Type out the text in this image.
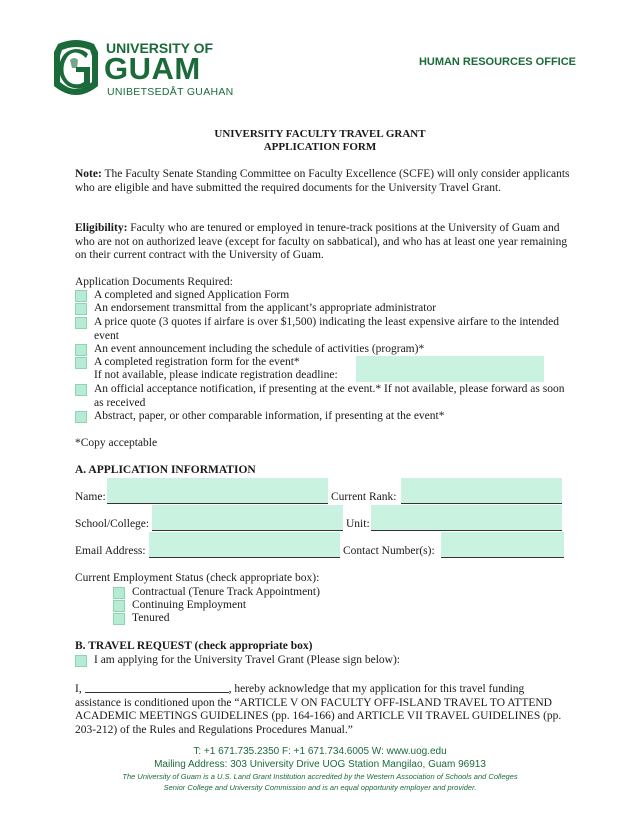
UNIVERSITY OF
GUAM
UNIBETSEDÅT GUAHAN
HUMAN RESOURCES OFFICE
UNIVERSITY FACULTY TRAVEL GRANT
APPLICATION FORM
Note: The Faculty Senate Standing Committee on Faculty Excellence (SCFE) will only consider applicants who are eligible and have submitted the required documents for the University Travel Grant.
Eligibility: Faculty who are tenured or employed in tenure-track positions at the University of Guam and who are not on authorized leave (except for faculty on sabbatical), and who has at least one year remaining on their current contract with the University of Guam.
Application Documents Required:
A completed and signed Application Form
An endorsement transmittal from the applicant’s appropriate administrator
A price quote (3 quotes if airfare is over $1,500) indicating the least expensive airfare to the intended event
An event announcement including the schedule of activities (program)*
A completed registration form for the event*
If not available, please indicate registration deadline:
An official acceptance notification, if presenting at the event.* If not available, please forward as soon as received
Abstract, paper, or other comparable information, if presenting at the event*
*Copy acceptable
A. APPLICATION INFORMATION
Name:	Current Rank:
School/College:	Unit:
Email Address:	Contact Number(s):
Current Employment Status (check appropriate box):
Contractual (Tenure Track Appointment)
Continuing Employment
Tenured
B. TRAVEL REQUEST (check appropriate box)
I am applying for the University Travel Grant (Please sign below):
I,	, hereby acknowledge that my application for this travel funding assistance is conditioned upon the “ARTICLE V ON FACULTY OFF-ISLAND TRAVEL TO ATTEND ACADEMIC MEETINGS GUIDELINES (pp. 164-166) and ARTICLE VII TRAVEL GUIDELINES (pp. 203-212) of the Rules and Regulations Procedures Manual.”
T: +1 671.735.2350 F: +1 671.734.6005 W: www.uog.edu
Mailing Address: 303 University Drive UOG Station Mangilao, Guam 96913
The University of Guam is a U.S. Land Grant Institution accredited by the Western Association of Schools and Colleges
Senior College and University Commission and is an equal opportunity employer and provider.
